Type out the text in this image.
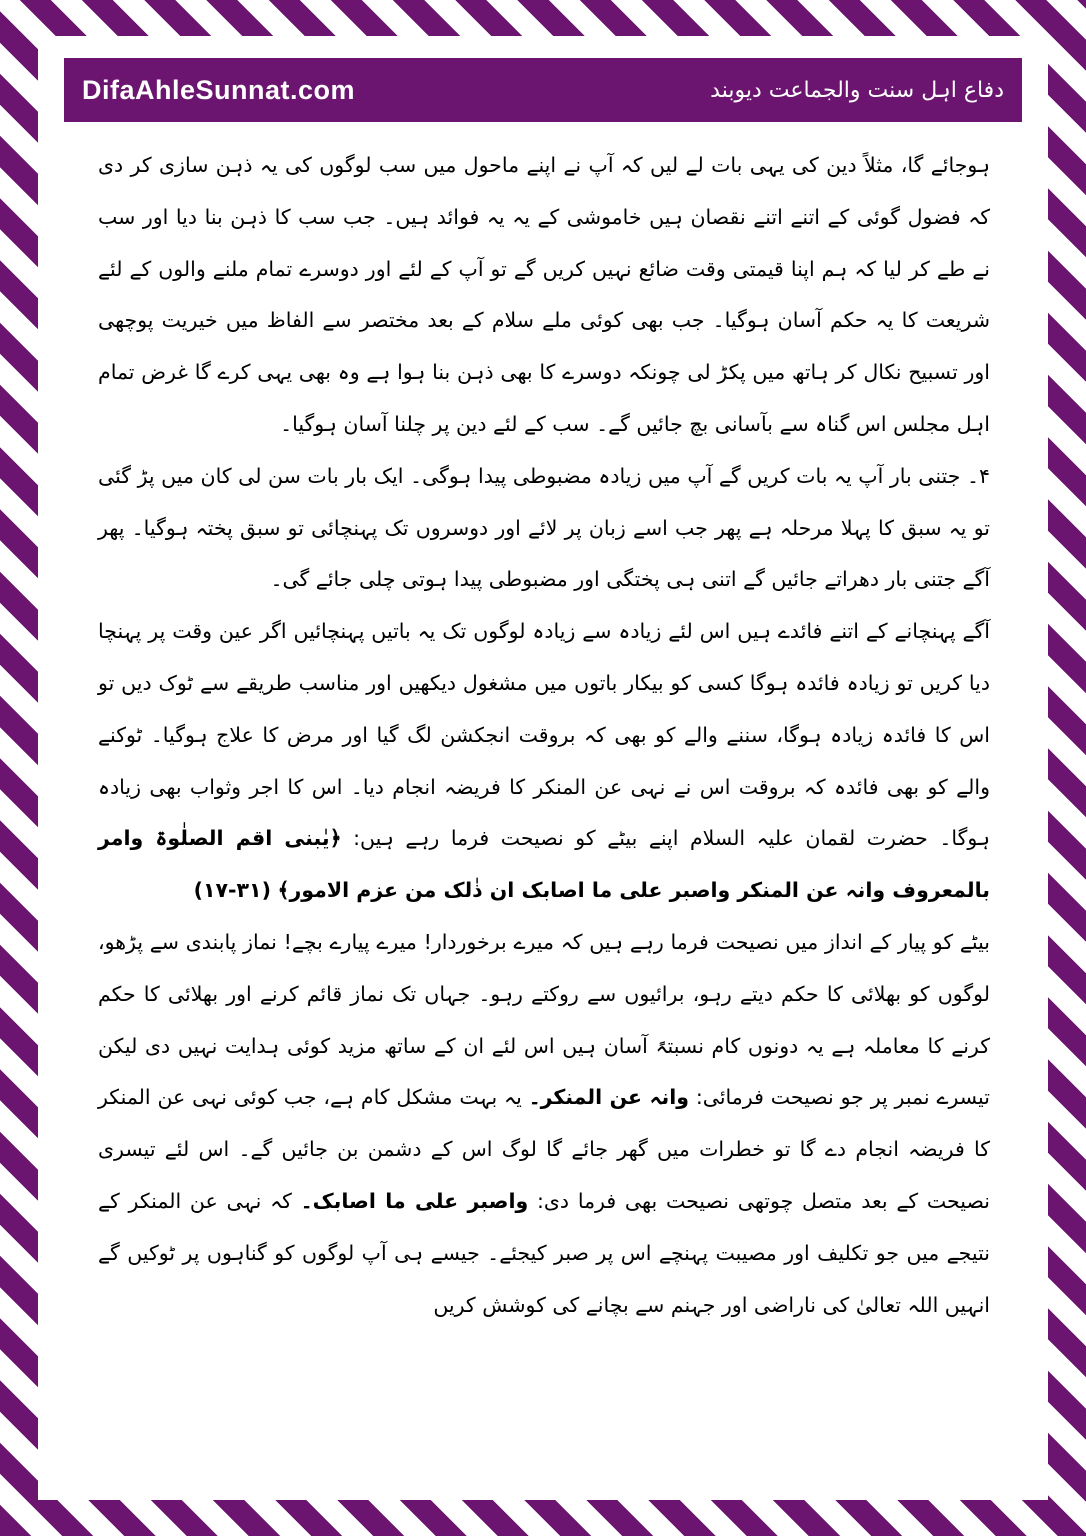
DifaAhleSunnat.com	دفاع اہل سنت والجماعت دیوبند

ہوجائے گا، مثلاً دین کی یہی بات لے لیں کہ آپ نے اپنے ماحول میں سب لوگوں کی یہ ذہن سازی کر دی کہ فضول گوئی کے اتنے اتنے نقصان ہیں خاموشی کے یہ یہ فوائد ہیں۔ جب سب کا ذہن بنا دیا اور سب نے طے کر لیا کہ ہم اپنا قیمتی وقت ضائع نہیں کریں گے تو آپ کے لئے اور دوسرے تمام ملنے والوں کے لئے شریعت کا یہ حکم آسان ہوگیا۔ جب بھی کوئی ملے سلام کے بعد مختصر سے الفاظ میں خیریت پوچھی اور تسبیح نکال کر ہاتھ میں پکڑ لی چونکہ دوسرے کا بھی ذہن بنا ہوا ہے وہ بھی یہی کرے گا غرض تمام اہل مجلس اس گناہ سے بآسانی بچ جائیں گے۔ سب کے لئے دین پر چلنا آسان ہوگیا۔

۴۔ جتنی بار آپ یہ بات کریں گے آپ میں زیادہ مضبوطی پیدا ہوگی۔ ایک بار بات سن لی کان میں پڑ گئی تو یہ سبق کا پہلا مرحلہ ہے پھر جب اسے زبان پر لائے اور دوسروں تک پہنچائی تو سبق پختہ ہوگیا۔ پھر آگے جتنی بار دھراتے جائیں گے اتنی ہی پختگی اور مضبوطی پیدا ہوتی چلی جائے گی۔

آگے پہنچانے کے اتنے فائدے ہیں اس لئے زیادہ سے زیادہ لوگوں تک یہ باتیں پہنچائیں اگر عین وقت پر پہنچا دیا کریں تو زیادہ فائدہ ہوگا کسی کو بیکار باتوں میں مشغول دیکھیں اور مناسب طریقے سے ٹوک دیں تو اس کا فائدہ زیادہ ہوگا، سننے والے کو بھی کہ بروقت انجکشن لگ گیا اور مرض کا علاج ہوگیا۔ ٹوکنے والے کو بھی فائدہ کہ بروقت اس نے نہی عن المنکر کا فریضہ انجام دیا۔ اس کا اجر وثواب بھی زیادہ ہوگا۔ حضرت لقمان علیہ السلام اپنے بیٹے کو نصیحت فرما رہے ہیں: ﴿یٰبنی اقم الصلٰوۃ وامر بالمعروف وانہ عن المنکر واصبر علی ما اصابک ان ذٰلک من عزم الامور﴾ (۳۱-۱۷)

بیٹے کو پیار کے انداز میں نصیحت فرما رہے ہیں کہ میرے برخوردار! میرے پیارے بچے! نماز پابندی سے پڑھو، لوگوں کو بھلائی کا حکم دیتے رہو، برائیوں سے روکتے رہو۔ جہاں تک نماز قائم کرنے اور بھلائی کا حکم کرنے کا معاملہ ہے یہ دونوں کام نسبتہً آسان ہیں اس لئے ان کے ساتھ مزید کوئی ہدایت نہیں دی لیکن تیسرے نمبر پر جو نصیحت فرمائی: وانہ عن المنکر۔ یہ بہت مشکل کام ہے، جب کوئی نہی عن المنکر کا فریضہ انجام دے گا تو خطرات میں گھر جائے گا لوگ اس کے دشمن بن جائیں گے۔ اس لئے تیسری نصیحت کے بعد متصل چوتھی نصیحت بھی فرما دی: واصبر علی ما اصابک۔ کہ نہی عن المنکر کے نتیجے میں جو تکلیف اور مصیبت پہنچے اس پر صبر کیجئے۔ جیسے ہی آپ لوگوں کو گناہوں پر ٹوکیں گے انہیں اللہ تعالیٰ کی ناراضی اور جہنم سے بچانے کی کوشش کریں
